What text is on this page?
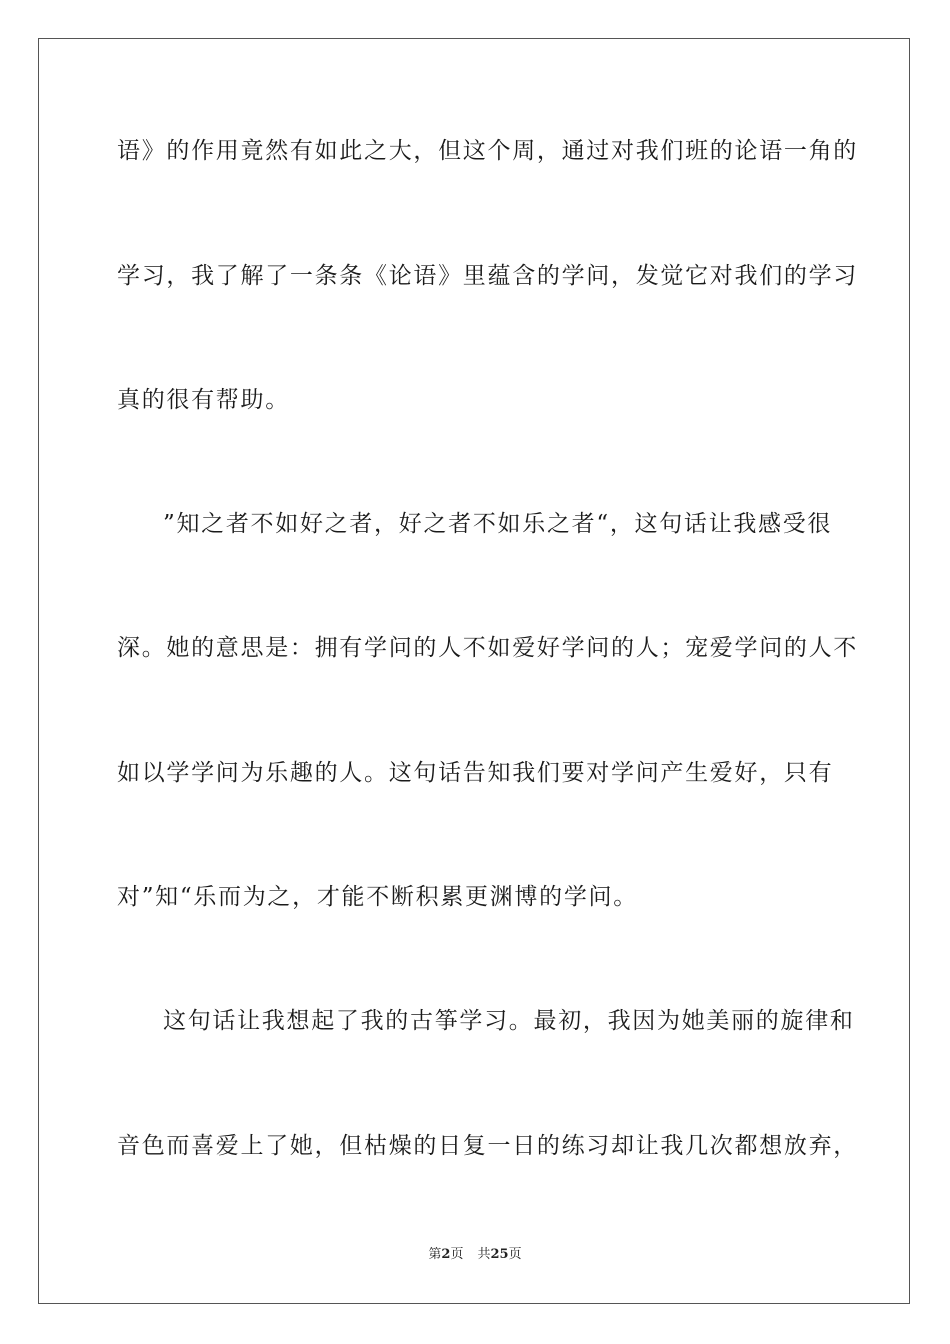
语》的作用竟然有如此之大，但这个周，通过对我们班的论语一角的
学习，我了解了一条条《论语》里蕴含的学问，发觉它对我们的学习
真的很有帮助。
”知之者不如好之者，好之者不如乐之者“，这句话让我感受很
深。她的意思是：拥有学问的人不如爱好学问的人；宠爱学问的人不
如以学学问为乐趣的人。这句话告知我们要对学问产生爱好，只有
对”知“乐而为之，才能不断积累更渊博的学问。
这句话让我想起了我的古筝学习。最初，我因为她美丽的旋律和
音色而喜爱上了她，但枯燥的日复一日的练习却让我几次都想放弃，
第2页 共25页
